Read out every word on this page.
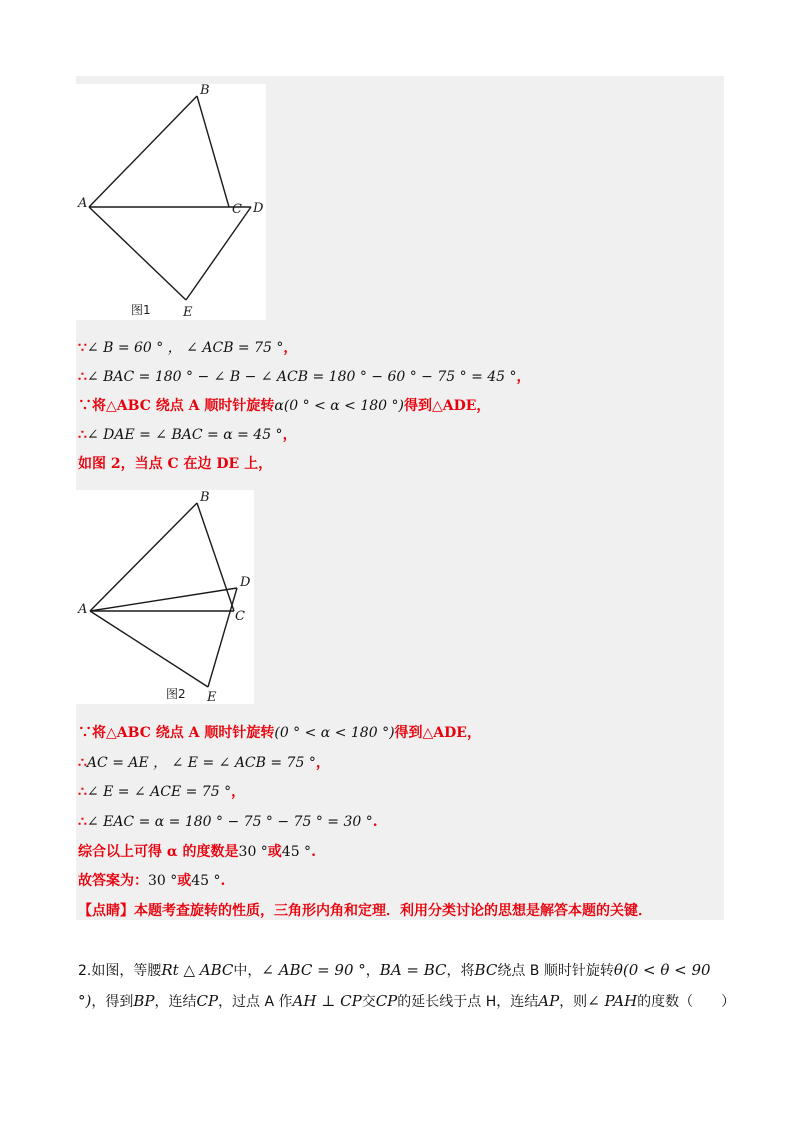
A
B
C D
E
图1
∵∠ B = 60 ° ， ∠ ACB = 75 °，
∴∠ BAC = 180 ° − ∠ B − ∠ ACB = 180 ° − 60 ° − 75 ° = 45 °，
∵将△ABC 绕点 A 顺时针旋转α(0 ° < α < 180 °)得到△ADE，
∴∠ DAE = ∠ BAC = α = 45 °，
如图 2，当点 C 在边 DE 上，
A
B
C
D
E
图2
∵将△ABC 绕点 A 顺时针旋转(0 ° < α < 180 °)得到△ADE，
∴AC = AE ， ∠ E = ∠ ACB = 75 °，
∴∠ E = ∠ ACE = 75 °，
∴∠ EAC = α = 180 ° − 75 ° − 75 ° = 30 °.
综合以上可得 α 的度数是30 °或45 °.
故答案为：30 °或45 °.
【点睛】本题考查旋转的性质，三角形内角和定理．利用分类讨论的思想是解答本题的关键．
2.如图，等腰Rt △ ABC中，∠ ABC = 90 °，BA = BC，将BC绕点 B 顺时针旋转θ(0 < θ < 90 °)，得到BP，连结CP，过点 A 作AH ⊥ CP交CP的延长线于点 H，连结AP，则∠ PAH的度数（　　）
